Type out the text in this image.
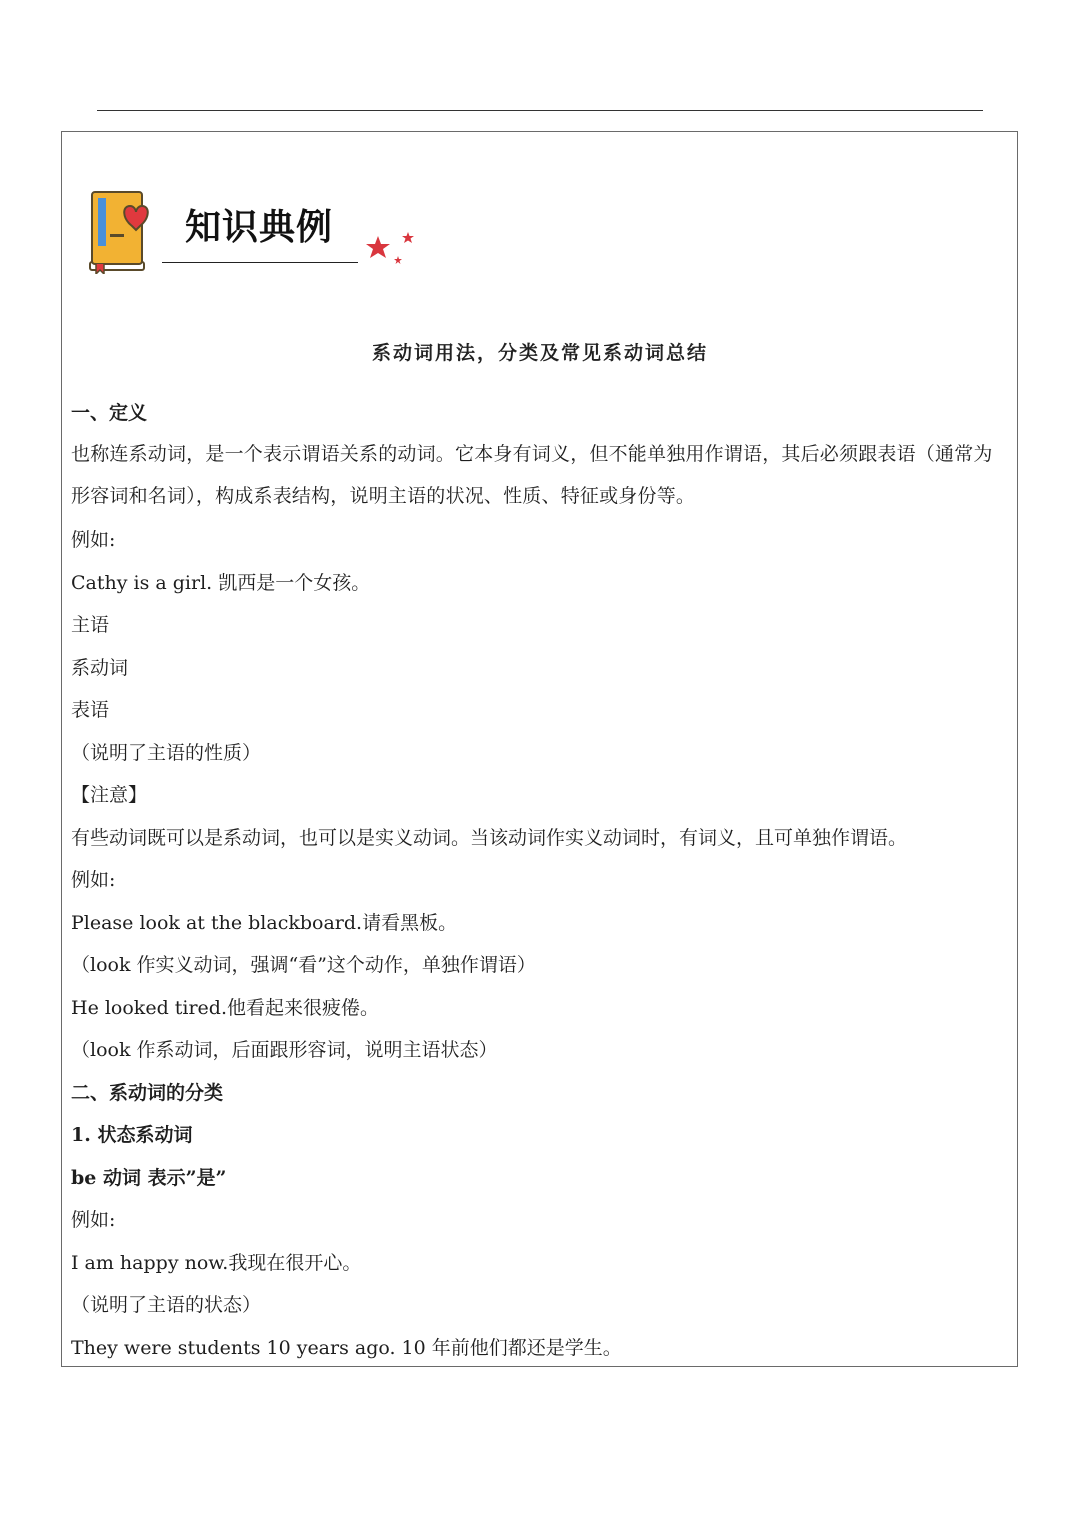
知识典例
系动词用法，分类及常见系动词总结
一、定义
也称连系动词，是一个表示谓语关系的动词。它本身有词义，但不能单独用作谓语，其后必须跟表语（通常为形容词和名词），构成系表结构，说明主语的状况、性质、特征或身份等。
例如:
Cathy is a girl. 凯西是一个女孩。
主语
系动词
表语
（说明了主语的性质）
【注意】
有些动词既可以是系动词，也可以是实义动词。当该动词作实义动词时，有词义，且可单独作谓语。
例如:
Please look at the blackboard.请看黑板。
（look 作实义动词，强调“看”这个动作，单独作谓语）
He looked tired.他看起来很疲倦。
（look 作系动词，后面跟形容词，说明主语状态）
二、系动词的分类
1. 状态系动词
be 动词 表示”是”
例如:
I am happy now.我现在很开心。
（说明了主语的状态）
They were students 10 years ago. 10 年前他们都还是学生。
